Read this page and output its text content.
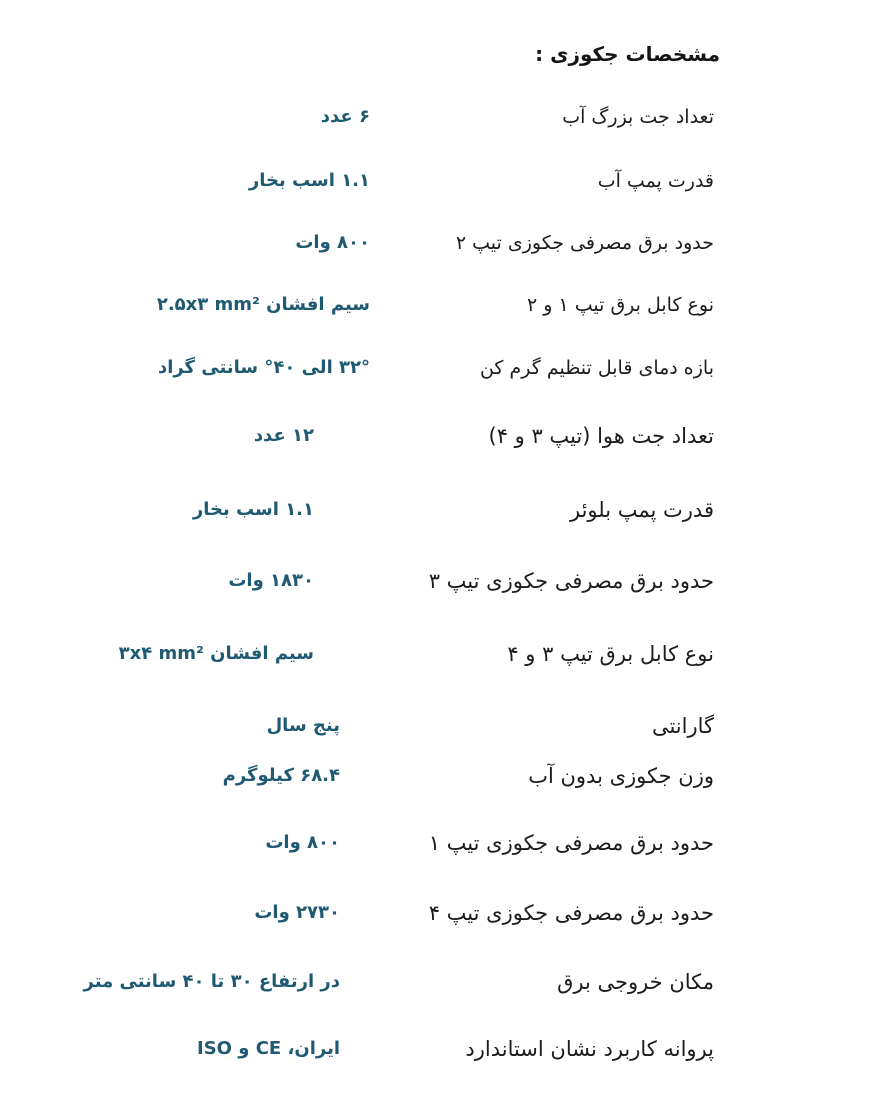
مشخصات جکوزی :
تعداد جت بزرگ آب
۶ عدد
قدرت پمپ آب
۱.۱ اسب بخار
حدود برق مصرفی جکوزی تیپ ۲
۸۰۰ وات
نوع کابل برق تیپ ۱ و ۲
سیم افشان ۲.۵x۳ mm²
بازه دمای قابل تنظیم گرم کن
۳۲° الی ۴۰° سانتی گراد
تعداد جت هوا (تیپ ۳ و ۴)
۱۲ عدد
قدرت پمپ بلوئر
۱.۱ اسب بخار
حدود برق مصرفی جکوزی تیپ ۳
۱۸۳۰ وات
نوع کابل برق تیپ ۳ و ۴
سیم افشان ۳x۴ mm²
گارانتی
پنج سال
وزن جکوزی بدون آب
۶۸.۴ کیلوگرم
حدود برق مصرفی جکوزی تیپ ۱
۸۰۰ وات
حدود برق مصرفی جکوزی تیپ ۴
۲۷۳۰ وات
مکان خروجی برق
در ارتفاع ۳۰ تا ۴۰ سانتی متر
پروانه کاربرد نشان استاندارد
ایران، CE و ISO
